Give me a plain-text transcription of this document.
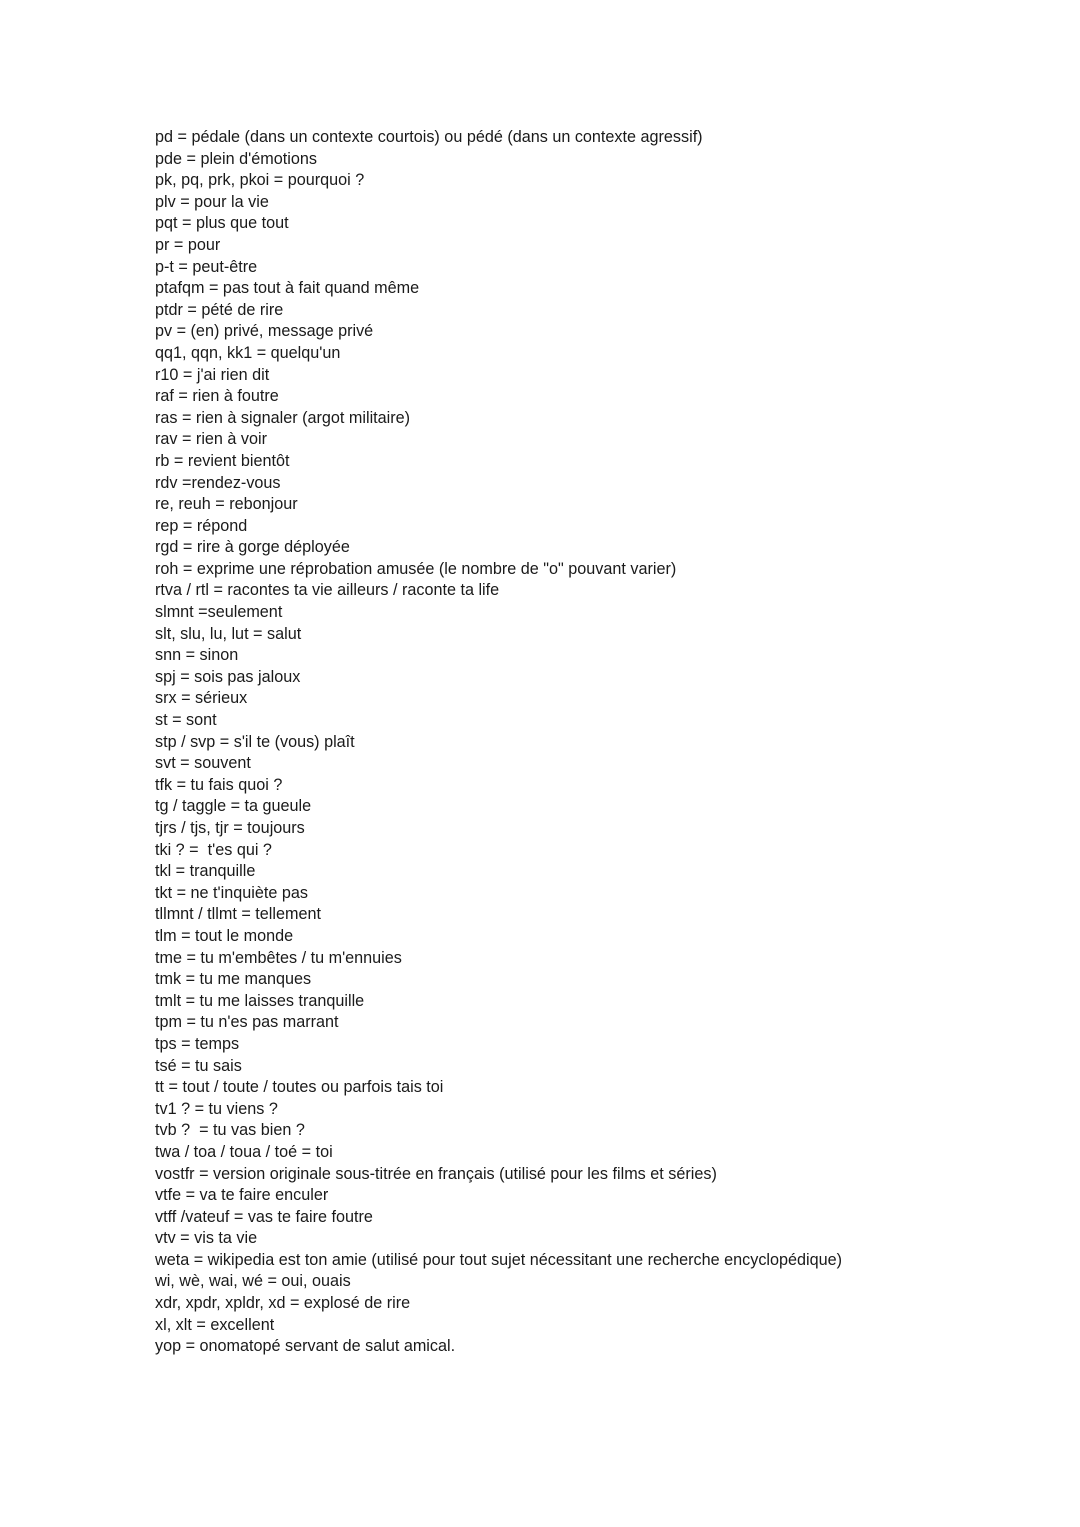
pd = pédale (dans un contexte courtois) ou pédé (dans un contexte agressif)
pde = plein d'émotions
pk, pq, prk, pkoi = pourquoi ?
plv = pour la vie
pqt = plus que tout
pr = pour
p-t = peut-être
ptafqm = pas tout à fait quand même
ptdr = pété de rire
pv = (en) privé, message privé
qq1, qqn, kk1 = quelqu'un
r10 = j'ai rien dit
raf = rien à foutre
ras = rien à signaler (argot militaire)
rav = rien à voir
rb = revient bientôt
rdv =rendez-vous
re, reuh = rebonjour
rep = répond
rgd = rire à gorge déployée
roh = exprime une réprobation amusée (le nombre de "o" pouvant varier)
rtva / rtl = racontes ta vie ailleurs / raconte ta life
slmnt =seulement
slt, slu, lu, lut = salut
snn = sinon
spj = sois pas jaloux
srx = sérieux
st = sont
stp / svp = s'il te (vous) plaît
svt = souvent
tfk = tu fais quoi ?
tg / taggle = ta gueule
tjrs / tjs, tjr = toujours
tki ? =  t'es qui ?
tkl = tranquille
tkt = ne t'inquiète pas
tllmnt / tllmt = tellement
tlm = tout le monde
tme = tu m'embêtes / tu m'ennuies
tmk = tu me manques
tmlt = tu me laisses tranquille
tpm = tu n'es pas marrant
tps = temps
tsé = tu sais
tt = tout / toute / toutes ou parfois tais toi
tv1 ? = tu viens ?
tvb ?  = tu vas bien ?
twa / toa / toua / toé = toi
vostfr = version originale sous-titrée en français (utilisé pour les films et séries)
vtfe = va te faire enculer
vtff /vateuf = vas te faire foutre
vtv = vis ta vie
weta = wikipedia est ton amie (utilisé pour tout sujet nécessitant une recherche encyclopédique)
wi, wè, wai, wé = oui, ouais
xdr, xpdr, xpldr, xd = explosé de rire
xl, xlt = excellent
yop = onomatopé servant de salut amical.
